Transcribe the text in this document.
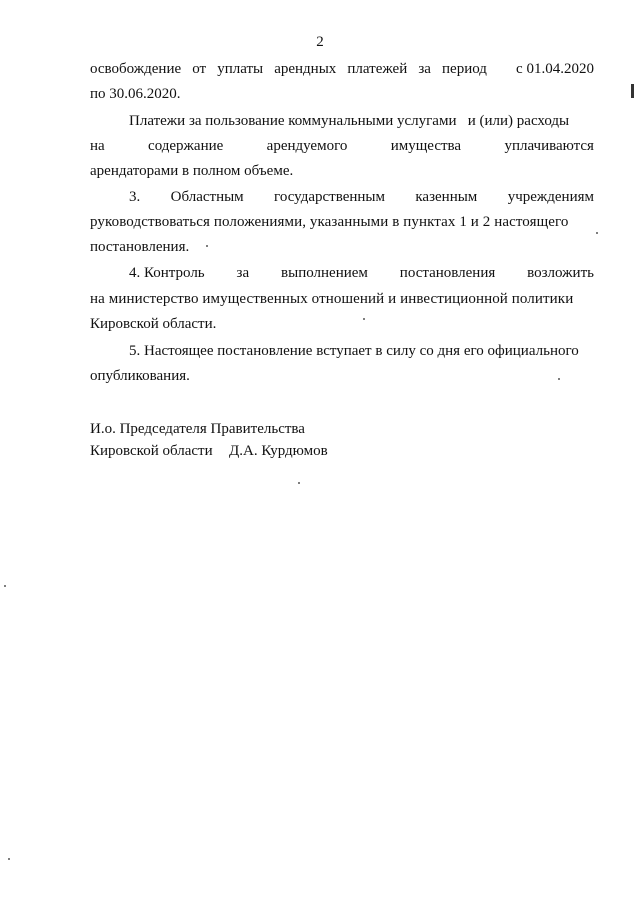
2
освобождение от уплаты арендных платежей за период с 01.04.2020
по 30.06.2020.
Платежи за пользование коммунальными услугами   и (или) расходы
на	содержание	арендуемого	имущества	уплачиваются
арендаторами в полном объеме.
3. Областным государственным казенным учреждениям
руководствоваться положениями, указанными в пунктах 1 и 2 настоящего
постановления.
4. Контроль за выполнением постановления возложить
на министерство имущественных отношений и инвестиционной политики
Кировской области.
5. Настоящее постановление вступает в силу со дня его официального
опубликования.
И.о. Председателя Правительства
Кировской области Д.А. Курдюмов
